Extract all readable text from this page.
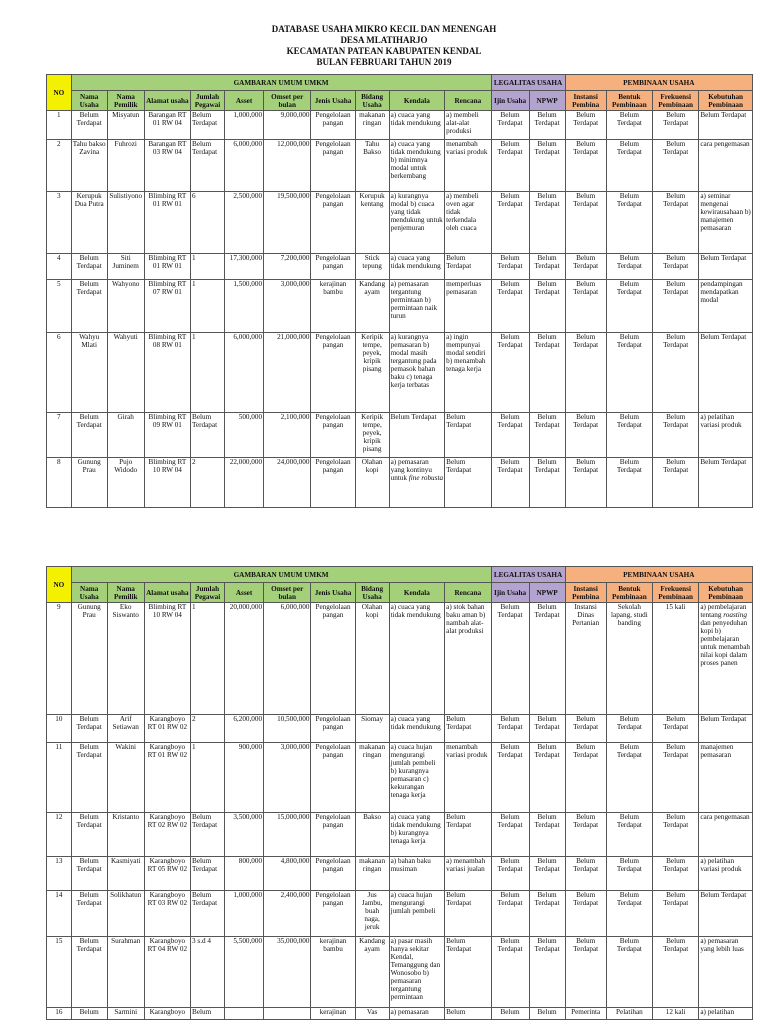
DATABASE USAHA MIKRO KECIL DAN MENENGAH
DESA MLATIHARJO
KECAMATAN PATEAN KABUPATEN KENDAL
BULAN FEBRUARI TAHUN 2019
NO	GAMBARAN UMUM UMKM										LEGALITAS USAHA		PEMBINAAN USAHA			
	Nama Usaha	Nama Pemilik	Alamat usaha	Jumlah Pegawai	Asset	Omset per bulan	Jenis Usaha	Bidang Usaha	Kendala	Rencana	Ijin Usaha	NPWP	Instansi Pembina	Bentuk Pembinaan	Frekuensi Pembinaan	Kebutuhan Pembinaan
1	Belum Terdapat	Misyatun	Barangan RT 01 RW 04	Belum Terdapat	1,000,000	9,000,000	Pengelolaan pangan	makanan ringan	a) cuaca yang tidak mendukung	a) membeli alat-alat produksi	Belum Terdapat	Belum Terdapat	Belum Terdapat	Belum Terdapat	Belum Terdapat	Belum Terdapat
2	Tahu bakso Zavina	Fuhrozi	Barangan RT 03 RW 04	Belum Terdapat	6,000,000	12,000,000	Pengelolaan pangan	Tahu Bakso	a) cuaca yang tidak mendukung b) minimnya modal untuk berkembang	menambah variasi produk	Belum Terdapat	Belum Terdapat	Belum Terdapat	Belum Terdapat	Belum Terdapat	cara pengemasan
3	Kerupuk Dua Putra	Sulistiyono	Blimbing RT 01 RW 01	6	2,500,000	19,500,000	Pengelolaan pangan	Kerupuk kentang	a) kurangnya modal b) cuaca yang tidak mendukung untuk penjemuran	a) membeli oven agar tidak terkendala oleh cuaca	Belum Terdapat	Belum Terdapat	Belum Terdapat	Belum Terdapat	Belum Terdapat	a) seminar mengenai kewirausahaan b) manajemen pemasaran
4	Belum Terdapat	Siti Juminem	Blimbing RT 01 RW 01	1	17,300,000	7,200,000	Pengelolaan pangan	Stick tepung	a) cuaca yang tidak mendukung	Belum Terdapat	Belum Terdapat	Belum Terdapat	Belum Terdapat	Belum Terdapat	Belum Terdapat	Belum Terdapat
5	Belum Terdapat	Wahyono	Blimbing RT 07 RW 01	1	1,500,000	3,000,000	kerajinan bambu	Kandang ayam	a) pemasaran tergantung permintaan b) permintaan naik turun	memperluas pemasaran	Belum Terdapat	Belum Terdapat	Belum Terdapat	Belum Terdapat	Belum Terdapat	pendampingan mendapatkan modal
6	Wahyu Mlati	Wahyuti	Blimbing RT 08 RW 01	1	6,000,000	21,000,000	Pengelolaan pangan	Keripik tempe, peyek, kripik pisang	a) kurangnya pemasaran b) modal masih tergantung pada pemasok bahan baku c) tenaga kerja terbatas	a) ingin mempunyai modal sendiri b) menambah tenaga kerja	Belum Terdapat	Belum Terdapat	Belum Terdapat	Belum Terdapat	Belum Terdapat	Belum Terdapat
7	Belum Terdapat	Girah	Blimbing RT 09 RW 01	Belum Terdapat	500,000	2,100,000	Pengelolaan pangan	Keripik tempe, peyek, kripik pisang	Belum Terdapat	Belum Terdapat	Belum Terdapat	Belum Terdapat	Belum Terdapat	Belum Terdapat	Belum Terdapat	a) pelatihan variasi produk
8	Gunung Prau	Pujo Widodo	Blimbing RT 10 RW 04	2	22,000,000	24,000,000	Pengelolaan pangan	Olahan kopi	a) pemasaran yang kontinyu untuk fine robusta	Belum Terdapat	Belum Terdapat	Belum Terdapat	Belum Terdapat	Belum Terdapat	Belum Terdapat	Belum Terdapat
NO	GAMBARAN UMUM UMKM										LEGALITAS USAHA		PEMBINAAN USAHA			
	Nama Usaha	Nama Pemilik	Alamat usaha	Jumlah Pegawai	Asset	Omset per bulan	Jenis Usaha	Bidang Usaha	Kendala	Rencana	Ijin Usaha	NPWP	Instansi Pembina	Bentuk Pembinaan	Frekuensi Pembinaan	Kebutuhan Pembinaan
9	Gunung Prau	Eko Siswanto	Blimbing RT 10 RW 04	1	20,000,000	6,000,000	Pengelolaan pangan	Olahan kopi	a) cuaca yang tidak mendukung	a) stok bahan baku aman b) nambah alat-alat produksi	Belum Terdapat	Belum Terdapat	Instansi Dinas Pertanian	Sekolah lapang, studi banding	15 kali	a) pembelajaran tentang roasting dan penyeduhan kopi b) pembelajaran untuk menambah nilai kopi dalam proses panen
10	Belum Terdapat	Arif Setiawan	Karangboyo RT 01 RW 02	2	6,200,000	10,500,000	Pengelolaan pangan	Siomay	a) cuaca yang tidak mendukung	Belum Terdapat	Belum Terdapat	Belum Terdapat	Belum Terdapat	Belum Terdapat	Belum Terdapat	Belum Terdapat
11	Belum Terdapat	Wakini	Karangboyo RT 01 RW 02	1	900,000	3,000,000	Pengelolaan pangan	makanan ringan	a) cuaca hujan mengurangi jumlah pembeli b) kurangnya pemasaran c) kekurangan tenaga kerja	menambah variasi produk	Belum Terdapat	Belum Terdapat	Belum Terdapat	Belum Terdapat	Belum Terdapat	manajemen pemasaran
12	Belum Terdapat	Kristanto	Karangboyo RT 02 RW 02	Belum Terdapat	3,500,000	15,000,000	Pengelolaan pangan	Bakso	a) cuaca yang tidak mendukung b) kurangnya tenaga kerja	Belum Terdapat	Belum Terdapat	Belum Terdapat	Belum Terdapat	Belum Terdapat	Belum Terdapat	cara pengemasan
13	Belum Terdapat	Kasmiyati	Karangboyo RT 05 RW 02	Belum Terdapat	800,000	4,800,000	Pengelolaan pangan	makanan ringan	a) bahan baku musiman	a) menambah variasi jualan	Belum Terdapat	Belum Terdapat	Belum Terdapat	Belum Terdapat	Belum Terdapat	a) pelatihan variasi produk
14	Belum Terdapat	Solikhatun	Karangboyo RT 03 RW 02	Belum Terdapat	1,000,000	2,400,000	Pengelolaan pangan	Jus Jambu, buah naga, jeruk	a) cuaca hujan mengurangi jumlah pembeli	Belum Terdapat	Belum Terdapat	Belum Terdapat	Belum Terdapat	Belum Terdapat	Belum Terdapat	Belum Terdapat
15	Belum Terdapat	Surahman	Karangboyo RT 04 RW 02	3 s.d 4	5,500,000	35,000,000	kerajinan bambu	Kandang ayam	a) pasar masih hanya sekitar Kendal, Temanggung dan Wonosobo b) pemasaran tergantung permintaan	Belum Terdapat	Belum Terdapat	Belum Terdapat	Belum Terdapat	Belum Terdapat	Belum Terdapat	a) pemasaran yang lebih luas
16	Belum	Sarmini	Karangboyo	Belum			kerajinan	Vas	a) pemasaran	Belum	Belum	Belum	Pemerinta	Pelatihan	12 kali	a) pelatihan
